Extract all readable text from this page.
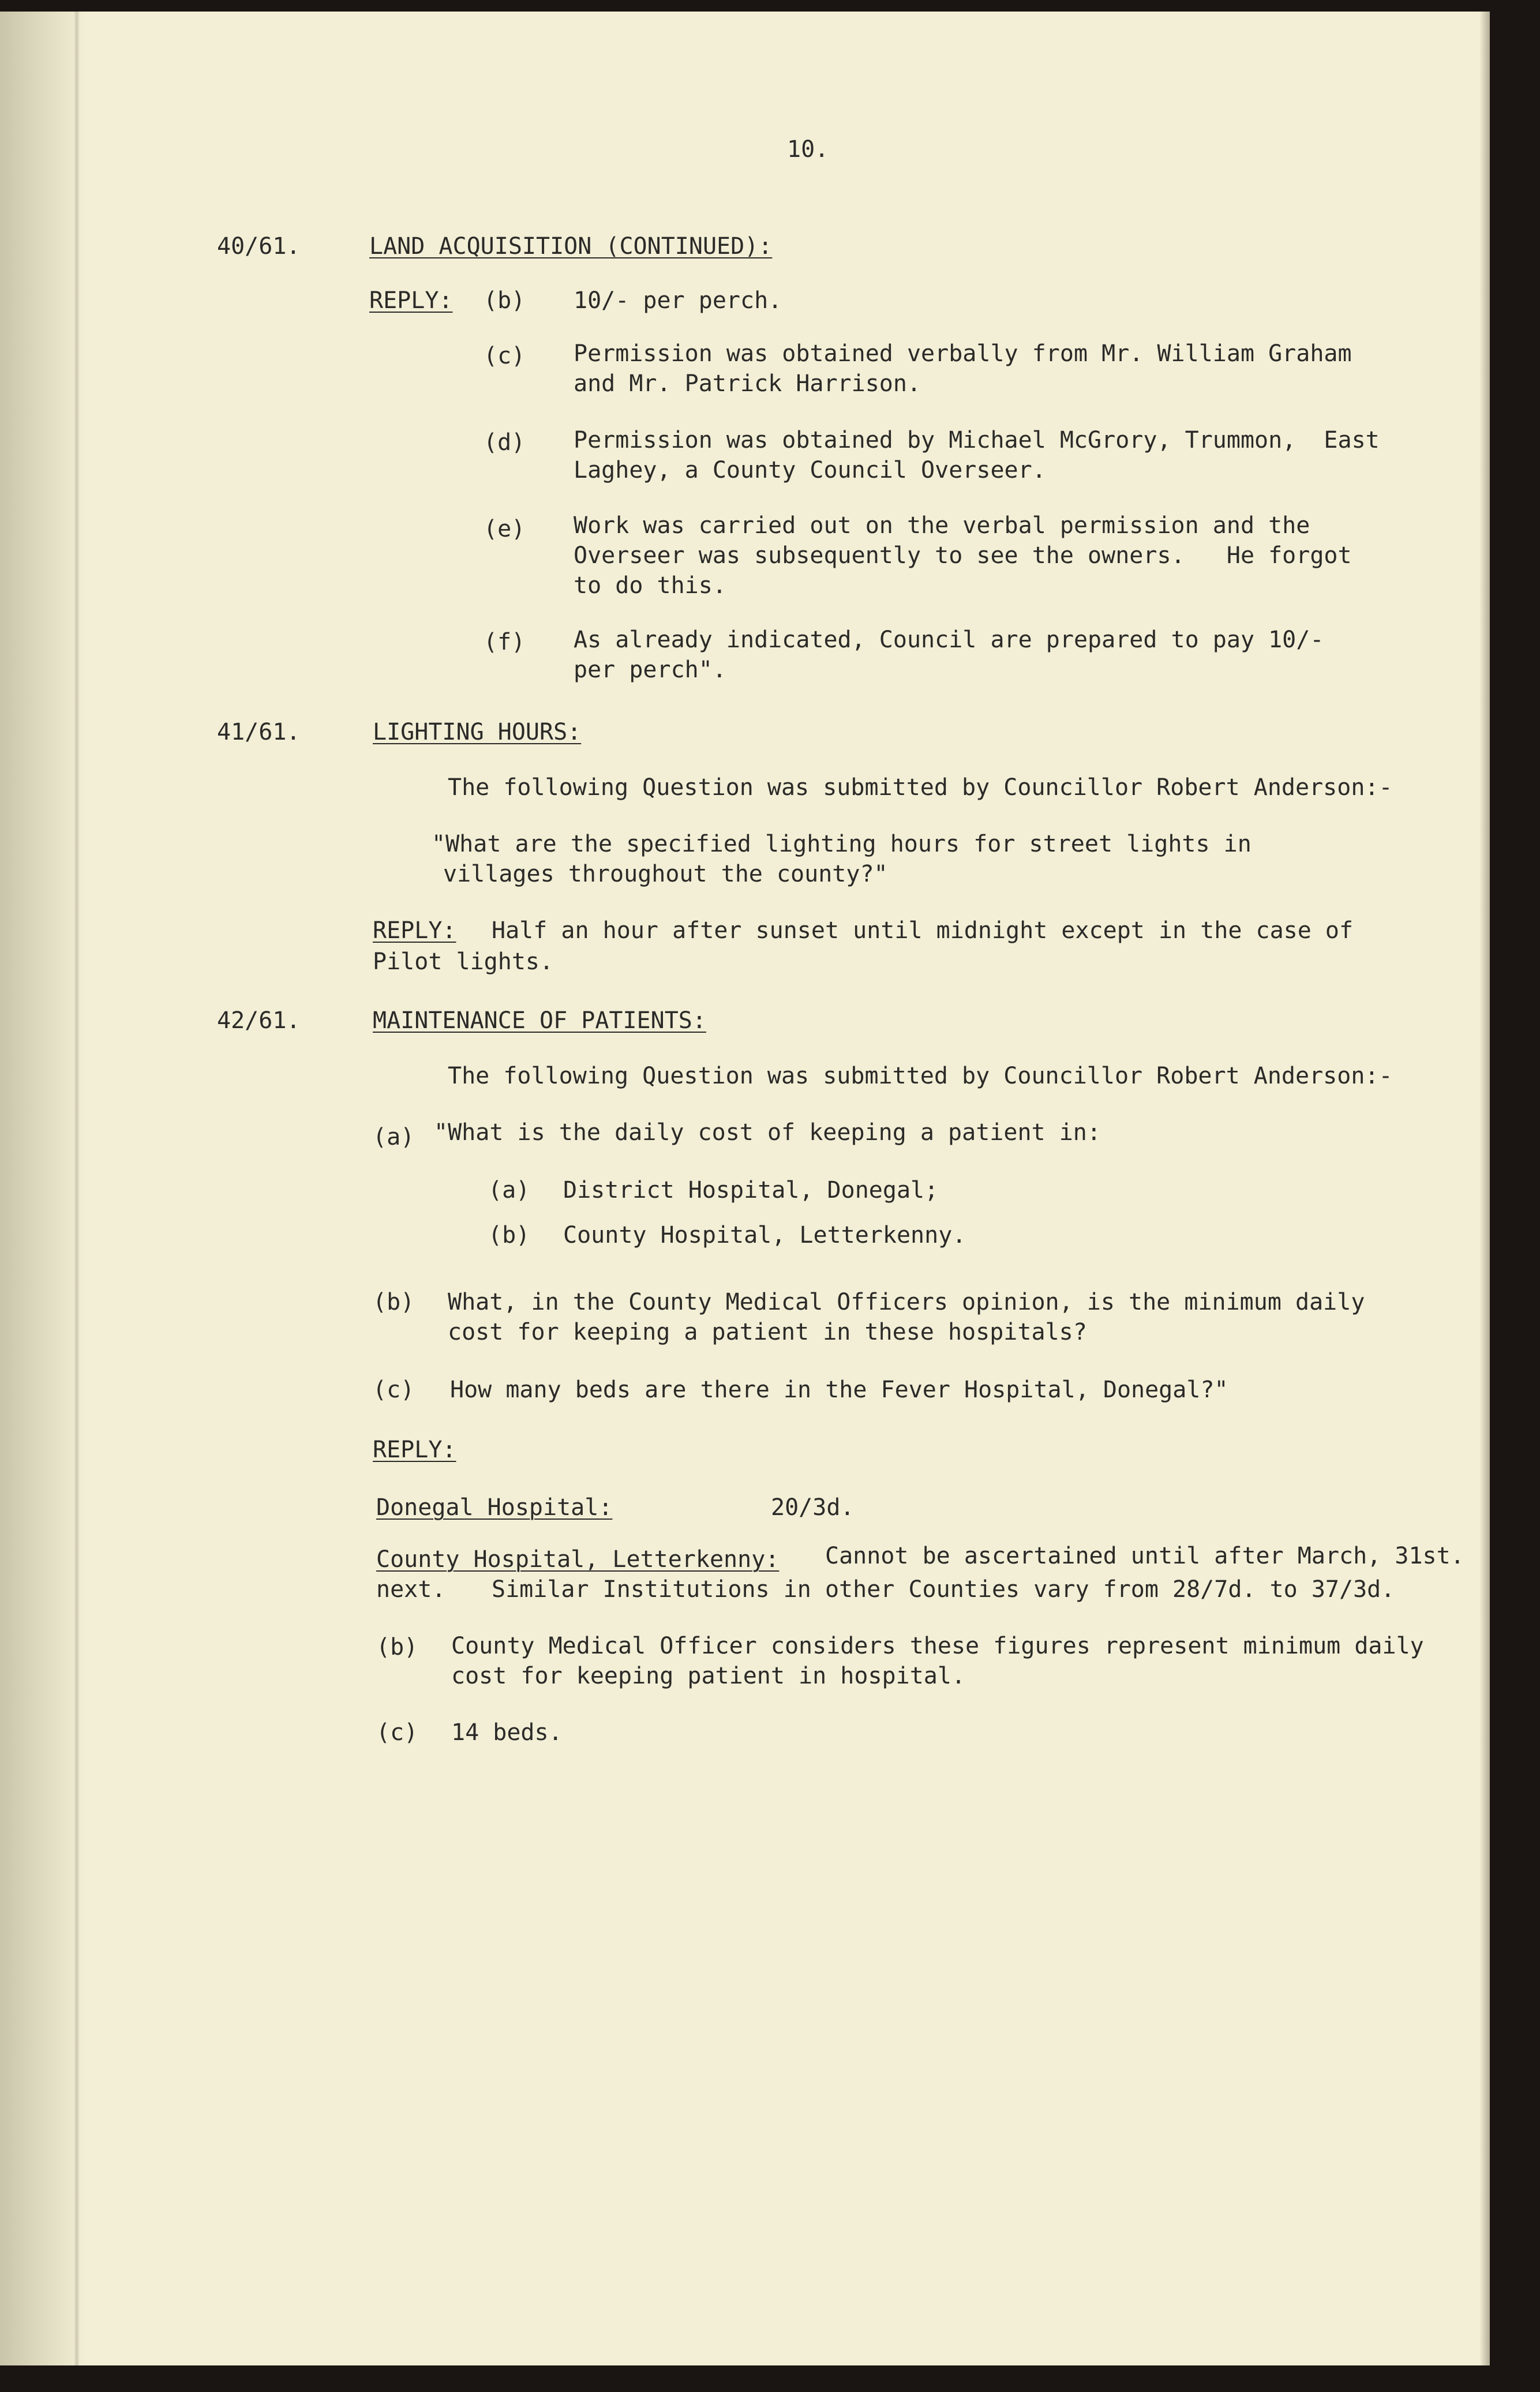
10.

40/61.	LAND ACQUISITION (CONTINUED):

REPLY: (b) 10/- per perch.

(c) Permission was obtained verbally from Mr. William Graham

and Mr. Patrick Harrison.

(d) Permission was obtained by Michael McGrory, Trummon,  East

Laghey, a County Council Overseer.

(e) Work was carried out on the verbal permission and the

Overseer was subsequently to see the owners.   He forgot

to do this.

(f) As already indicated, Council are prepared to pay 10/-

per perch".

41/61.	LIGHTING HOURS:

The following Question was submitted by Councillor Robert Anderson:-

"What are the specified lighting hours for street lights in

villages throughout the county?"

REPLY: Half an hour after sunset until midnight except in the case of

Pilot lights.

42/61.	MAINTENANCE OF PATIENTS:

The following Question was submitted by Councillor Robert Anderson:-

(a) "What is the daily cost of keeping a patient in:

(a) District Hospital, Donegal;

(b) County Hospital, Letterkenny.

(b) What, in the County Medical Officers opinion, is the minimum daily

cost for keeping a patient in these hospitals?

(c) How many beds are there in the Fever Hospital, Donegal?"

REPLY:

Donegal Hospital:	20/3d.

County Hospital, Letterkenny: Cannot be ascertained until after March, 31st.

next. Similar Institutions in other Counties vary from 28/7d. to 37/3d.

(b) County Medical Officer considers these figures represent minimum daily

cost for keeping patient in hospital.

(c) 14 beds.
